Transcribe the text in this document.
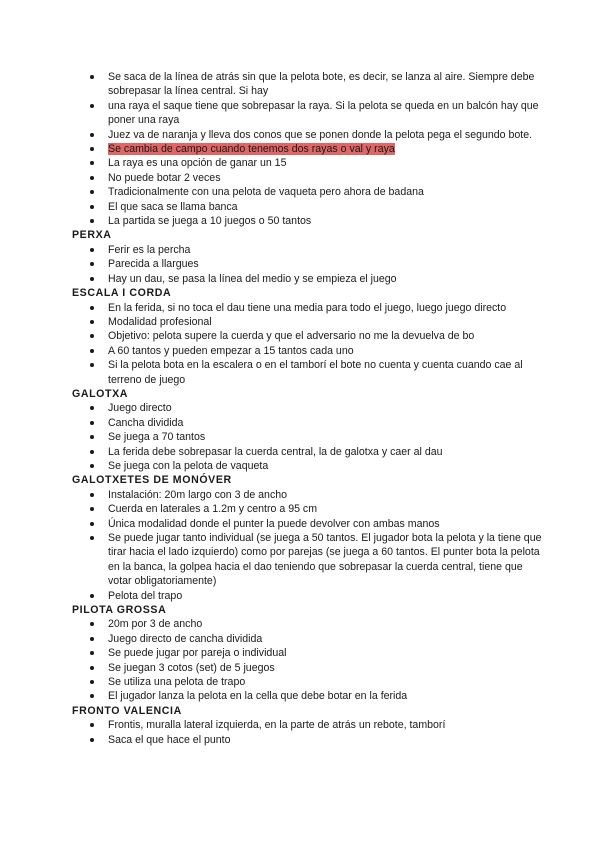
Se saca de la línea de atrás sin que la pelota bote, es decir, se lanza al aire. Siempre debe sobrepasar la línea central. Si hay
una raya el saque tiene que sobrepasar la raya. Si la pelota se queda en un balcón hay que poner una raya
Juez va de naranja y lleva dos conos que se ponen donde la pelota pega el segundo bote.
Se cambia de campo cuando tenemos dos rayas o val y raya
La raya es una opción de ganar un 15
No puede botar 2 veces
Tradicionalmente con una pelota de vaqueta pero ahora de badana
El que saca se llama banca
La partida se juega a 10 juegos o 50 tantos
PERXA
Ferir es la percha
Parecida a llargues
Hay un dau, se pasa la línea del medio y se empieza el juego
ESCALA I CORDA
En la ferida, si no toca el dau tiene una media para todo el juego, luego juego directo
Modalidad profesional
Objetivo: pelota supere la cuerda y que el adversario no me la devuelva de bo
A 60 tantos y pueden empezar a 15 tantos cada uno
Si la pelota bota en la escalera o en el tamborí el bote no cuenta y cuenta cuando cae al terreno de juego
GALOTXA
Juego directo
Cancha dividida
Se juega a 70 tantos
La ferida debe sobrepasar la cuerda central, la de galotxa y caer al dau
Se juega con la pelota de vaqueta
GALOTXETES DE MONÓVER
Instalación: 20m largo con 3 de ancho
Cuerda en laterales a 1.2m y centro a 95 cm
Única modalidad donde el punter la puede devolver con ambas manos
Se puede jugar tanto individual (se juega a 50 tantos. El jugador bota la pelota y la tiene que tirar hacia el lado izquierdo) como por parejas (se juega a 60 tantos. El punter bota la pelota en la banca, la golpea hacia el dao teniendo que sobrepasar la cuerda central, tiene que votar obligatoriamente)
Pelota del trapo
PILOTA GROSSA
20m por 3 de ancho
Juego directo de cancha dividida
Se puede jugar por pareja o individual
Se juegan 3 cotos (set) de 5 juegos
Se utiliza una pelota de trapo
El jugador lanza la pelota en la cella que debe botar en la ferida
FRONTO VALENCIA
Frontis, muralla lateral izquierda, en la parte de atrás un rebote, tamborí
Saca el que hace el punto
